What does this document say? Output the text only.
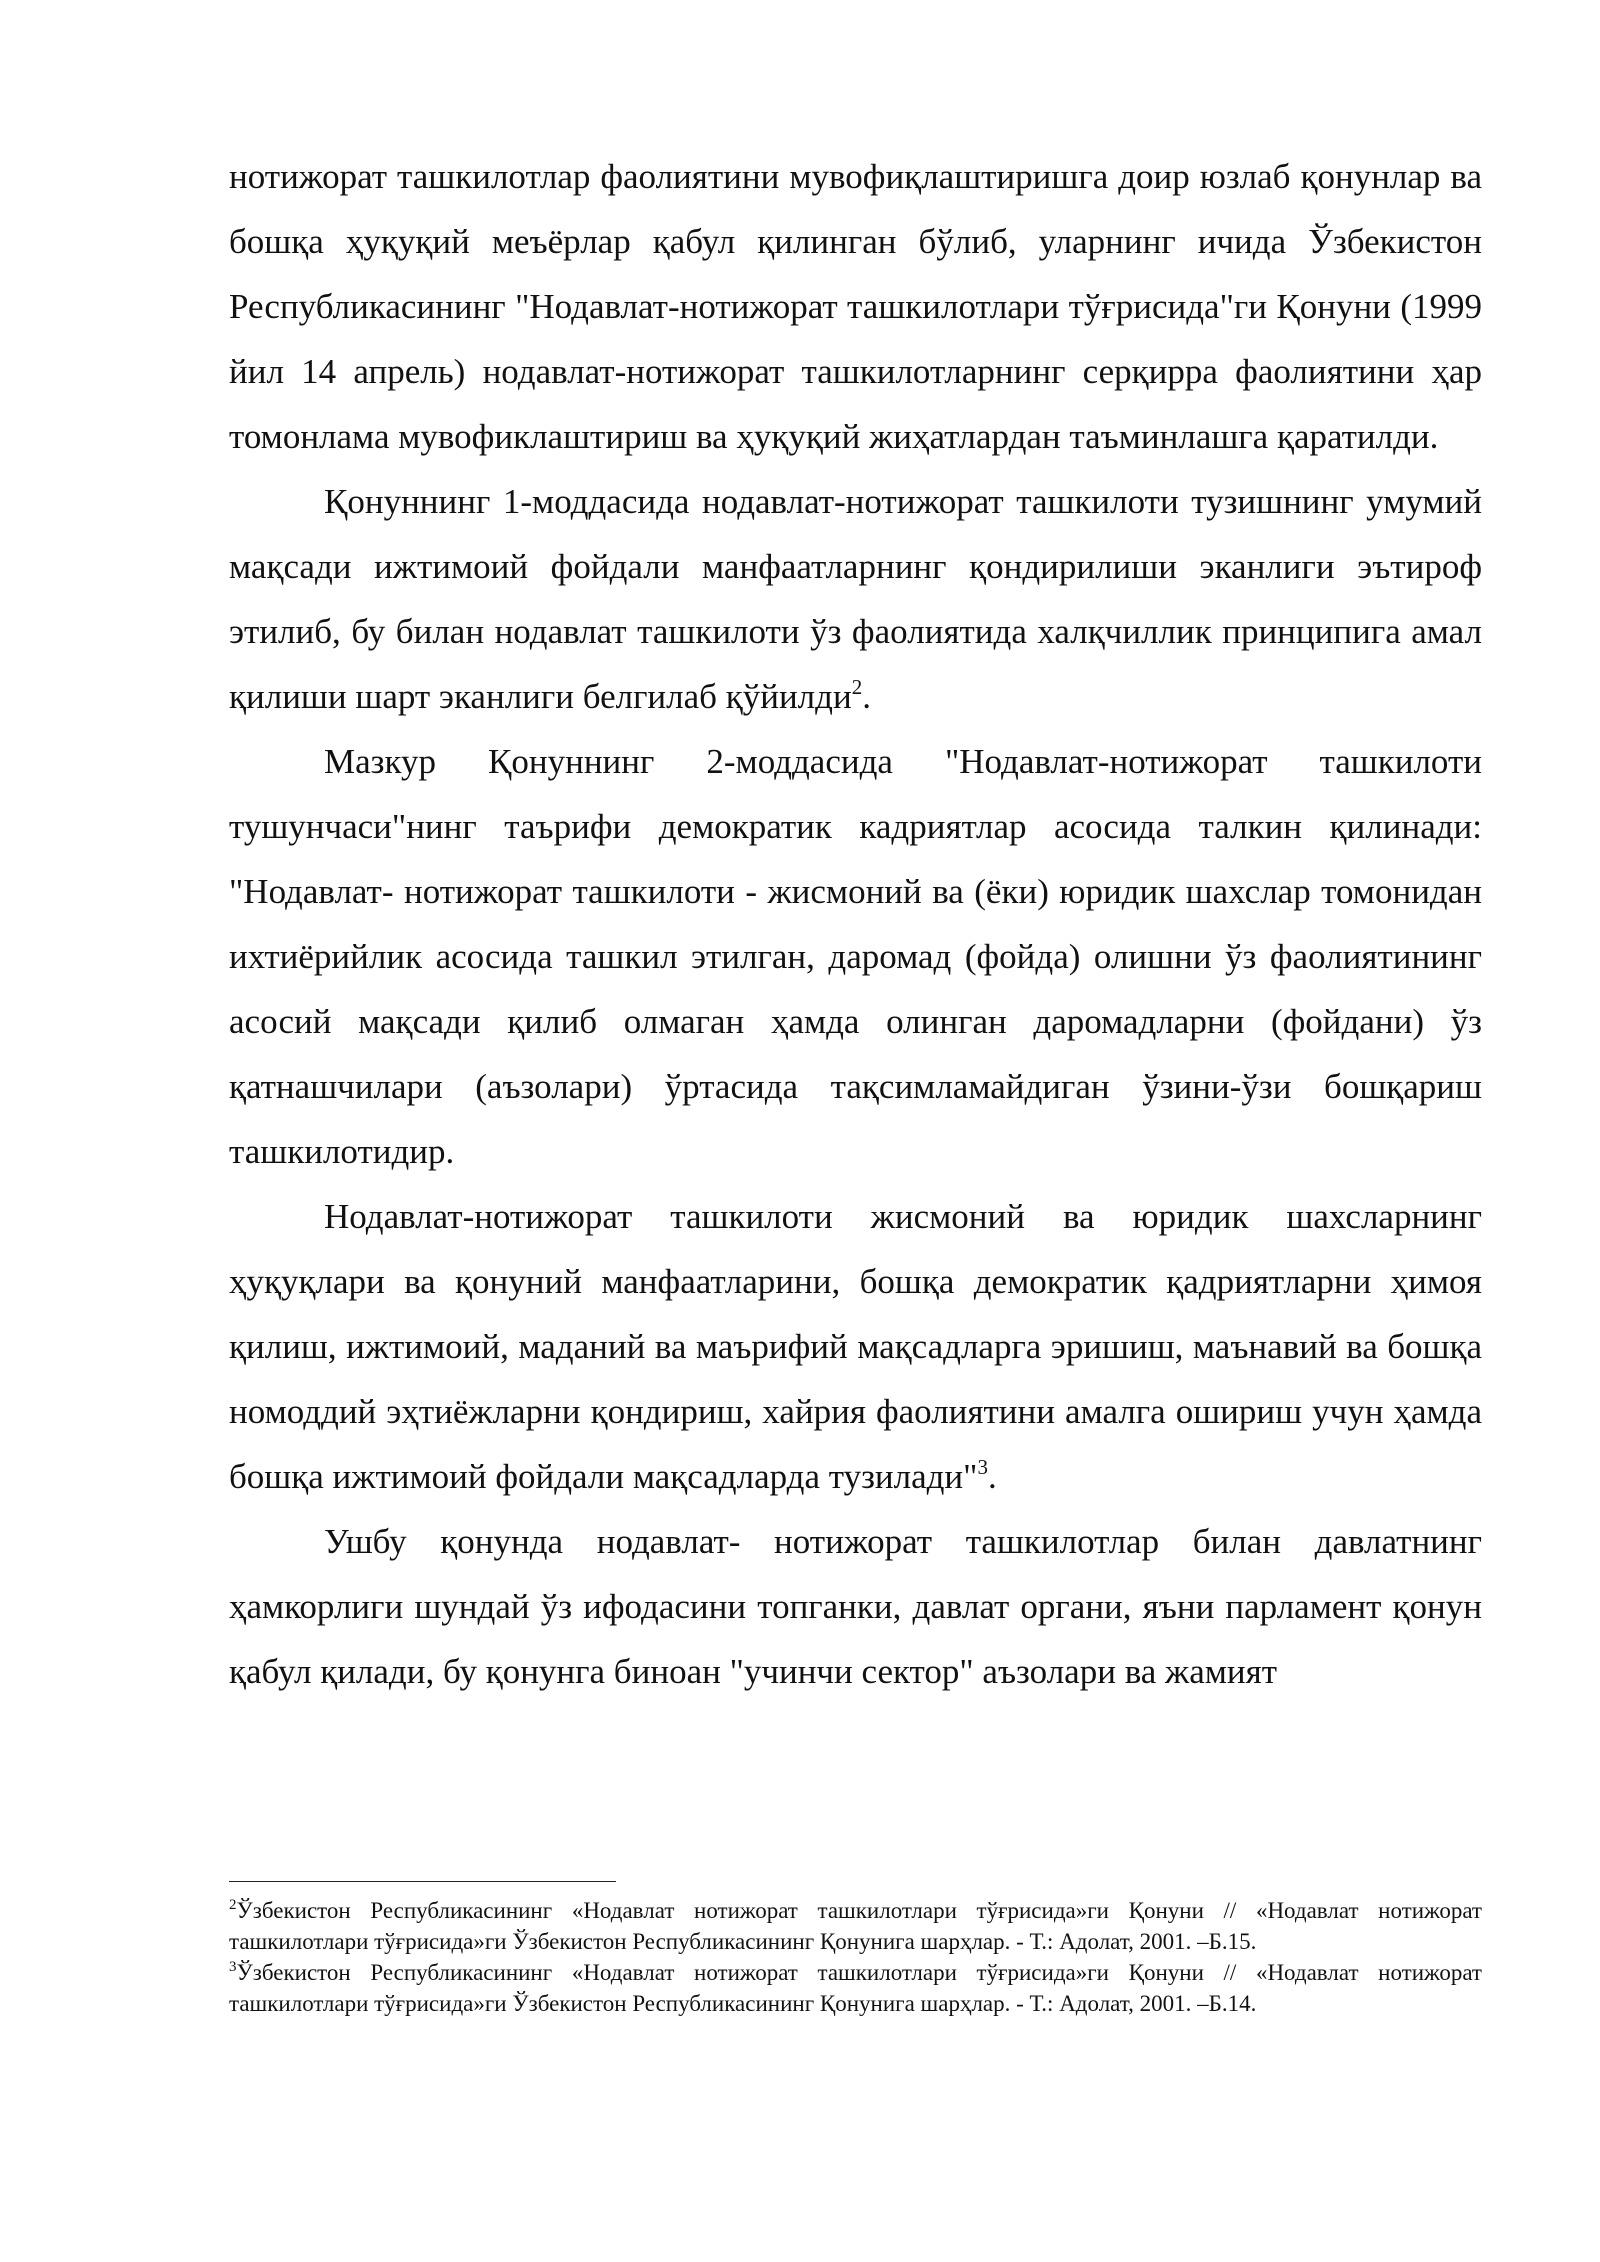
нотижорат ташкилотлар фаолиятини мувофиқлаштиришга доир юзлаб қонунлар ва бошқа ҳуқуқий меъёрлар қабул қилинган бўлиб, уларнинг ичида Ўзбекистон Республикасининг "Нодавлат-нотижорат ташкилотлари тўғрисида"ги Қонуни (1999 йил 14 апрель) нодавлат-нотижорат ташкилотларнинг серқирра фаолиятини ҳар томонлама мувофиклаштириш ва ҳуқуқий жиҳатлардан таъминлашга қаратилди.

Қонуннинг 1-моддасида нодавлат-нотижорат ташкилоти тузишнинг умумий мақсади ижтимоий фойдали манфаатларнинг қондирилиши эканлиги эътироф этилиб, бу билан нодавлат ташкилоти ўз фаолиятида халқчиллик принципига амал қилиши шарт эканлиги белгилаб қўйилди$^2$.

Мазкур Қонуннинг 2-моддасида "Нодавлат-нотижорат ташкилоти тушунчаси"нинг таърифи демократик кадриятлар асосида талкин қилинади: "Нодавлат- нотижорат ташкилоти - жисмоний ва (ёки) юридик шахслар томонидан ихтиёрийлик асосида ташкил этилган, даромад (фойда) олишни ўз фаолиятининг асосий мақсади қилиб олмаган ҳамда олинган даромадларни (фойдани) ўз қатнашчилари (аъзолари) ўртасида тақсимламайдиган ўзини-ўзи бошқариш ташкилотидир.

Нодавлат-нотижорат ташкилоти жисмоний ва юридик шахсларнинг ҳуқуқлари ва қонуний манфаатларини, бошқа демократик қадриятларни ҳимоя қилиш, ижтимоий, маданий ва маърифий мақсадларга эришиш, маънавий ва бошқа номоддий эҳтиёжларни қондириш, хайрия фаолиятини амалга ошириш учун ҳамда бошқа ижтимоий фойдали мақсадларда тузилади"$^3$.

Ушбу қонунда нодавлат- нотижорат ташкилотлар билан давлатнинг ҳамкорлиги шундай ўз ифодасини топганки, давлат органи, яъни парламент қонун қабул қилади, бу қонунга биноан "учинчи сектор" аъзолари ва жамият

$^2$Ўзбекистон Республикасининг «Нодавлат нотижорат ташкилотлари тўғрисида»ги Қонуни // «Нодавлат нотижорат ташкилотлари тўғрисида»ги Ўзбекистон Республикасининг Қонунига шарҳлар. - Т.: Адолат, 2001. –Б.15.

$^3$Ўзбекистон Республикасининг «Нодавлат нотижорат ташкилотлари тўғрисида»ги Қонуни // «Нодавлат нотижорат ташкилотлари тўғрисида»ги Ўзбекистон Республикасининг Қонунига шарҳлар. - Т.: Адолат, 2001. –Б.14.
